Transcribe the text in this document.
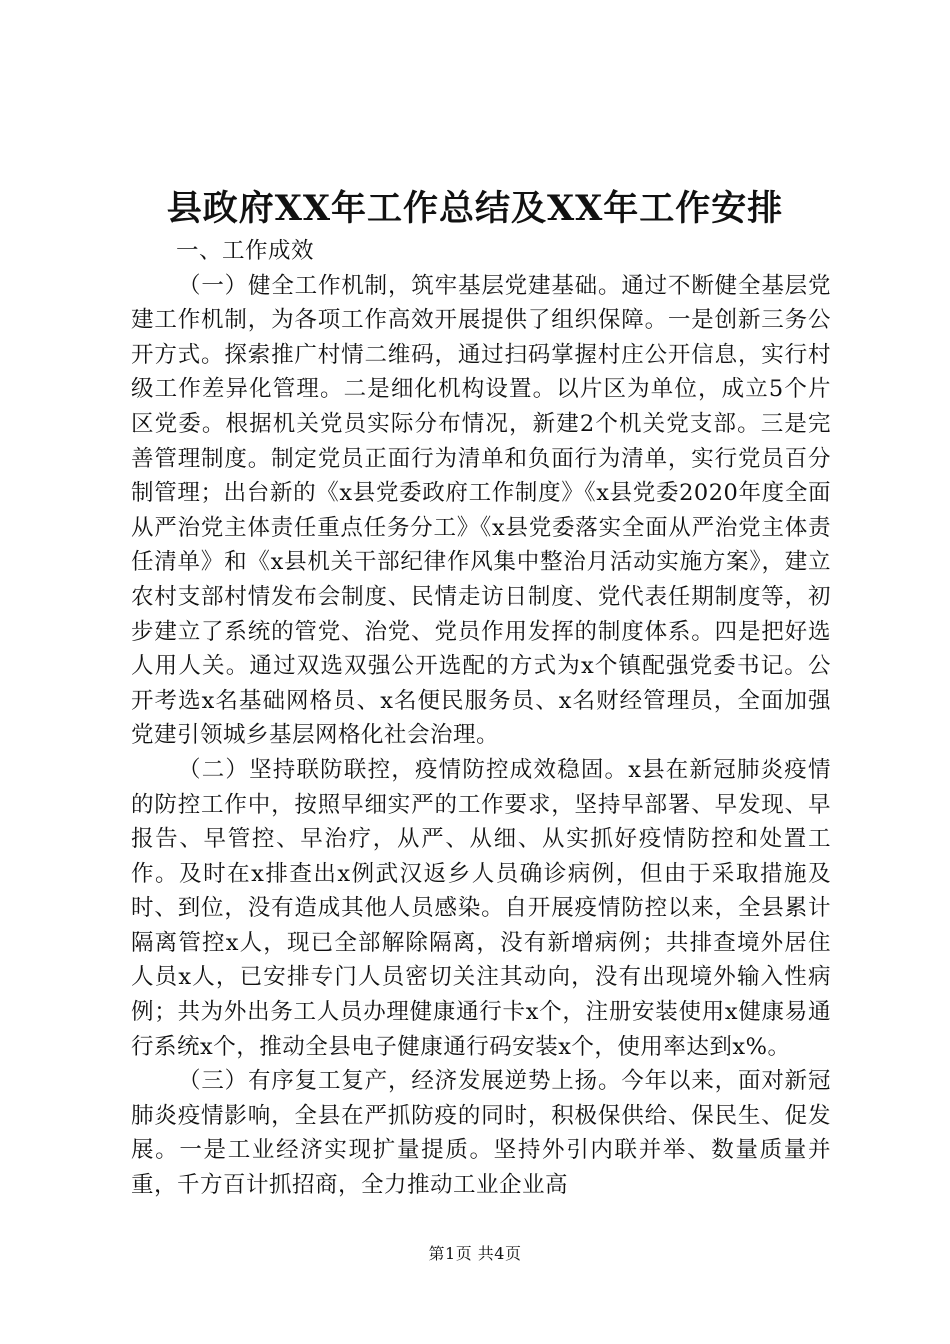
县政府XX年工作总结及XX年工作安排

一、工作成效

（一）健全工作机制，筑牢基层党建基础。通过不断健全基层党建工作机制，为各项工作高效开展提供了组织保障。一是创新三务公开方式。探索推广村情二维码，通过扫码掌握村庄公开信息，实行村级工作差异化管理。二是细化机构设置。以片区为单位，成立5个片区党委。根据机关党员实际分布情况，新建2个机关党支部。三是完善管理制度。制定党员正面行为清单和负面行为清单，实行党员百分制管理；出台新的《x县党委政府工作制度》《x县党委2020年度全面从严治党主体责任重点任务分工》《x县党委落实全面从严治党主体责任清单》和《x县机关干部纪律作风集中整治月活动实施方案》，建立农村支部村情发布会制度、民情走访日制度、党代表任期制度等，初步建立了系统的管党、治党、党员作用发挥的制度体系。四是把好选人用人关。通过双选双强公开选配的方式为x个镇配强党委书记。公开考选x名基础网格员、x名便民服务员、x名财经管理员，全面加强党建引领城乡基层网格化社会治理。

（二）坚持联防联控，疫情防控成效稳固。x县在新冠肺炎疫情的防控工作中，按照早细实严的工作要求，坚持早部署、早发现、早报告、早管控、早治疗，从严、从细、从实抓好疫情防控和处置工作。及时在x排查出x例武汉返乡人员确诊病例，但由于采取措施及时、到位，没有造成其他人员感染。自开展疫情防控以来，全县累计隔离管控x人，现已全部解除隔离，没有新增病例；共排查境外居住人员x人，已安排专门人员密切关注其动向，没有出现境外输入性病例；共为外出务工人员办理健康通行卡x个，注册安装使用x健康易通行系统x个，推动全县电子健康通行码安装x个，使用率达到x%。

（三）有序复工复产，经济发展逆势上扬。今年以来，面对新冠肺炎疫情影响，全县在严抓防疫的同时，积极保供给、保民生、促发展。一是工业经济实现扩量提质。坚持外引内联并举、数量质量并重，千方百计抓招商，全力推动工业企业高

第1页 共4页
